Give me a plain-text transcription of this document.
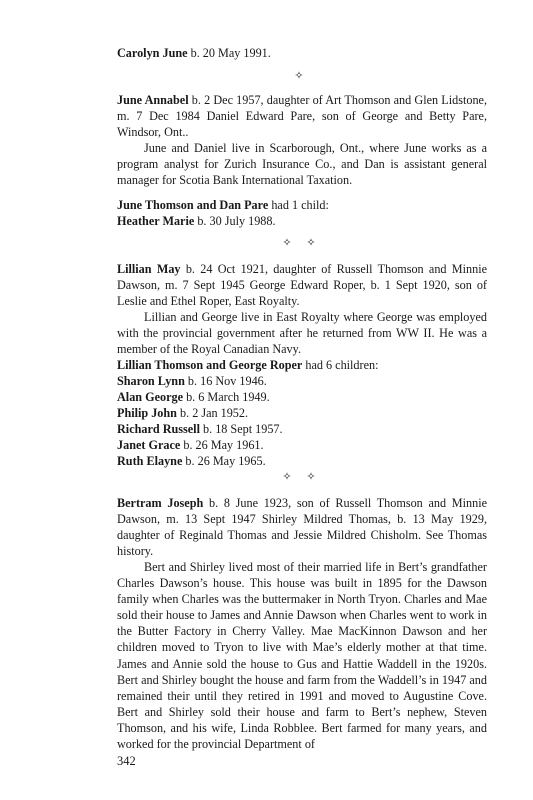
Carolyn June b. 20 May 1991.

✧

June Annabel b. 2 Dec 1957, daughter of Art Thomson and Glen Lidstone, m. 7 Dec 1984 Daniel Edward Pare, son of George and Betty Pare, Windsor, Ont..

June and Daniel live in Scarborough, Ont., where June works as a program analyst for Zurich Insurance Co., and Dan is assistant general manager for Scotia Bank International Taxation.

June Thomson and Dan Pare had 1 child:

Heather Marie b. 30 July 1988.

✧ ✧

Lillian May b. 24 Oct 1921, daughter of Russell Thomson and Minnie Dawson, m. 7 Sept 1945 George Edward Roper, b. 1 Sept 1920, son of Leslie and Ethel Roper, East Royalty.

Lillian and George live in East Royalty where George was employed with the provincial government after he returned from WW II. He was a member of the Royal Canadian Navy.

Lillian Thomson and George Roper had 6 children:

Sharon Lynn b. 16 Nov 1946.

Alan George b. 6 March 1949.

Philip John b. 2 Jan 1952.

Richard Russell b. 18 Sept 1957.

Janet Grace b. 26 May 1961.

Ruth Elayne b. 26 May 1965.

✧ ✧

Bertram Joseph b. 8 June 1923, son of Russell Thomson and Minnie Dawson, m. 13 Sept 1947 Shirley Mildred Thomas, b. 13 May 1929, daughter of Reginald Thomas and Jessie Mildred Chisholm. See Thomas history.

Bert and Shirley lived most of their married life in Bert’s grandfather Charles Dawson’s house. This house was built in 1895 for the Dawson family when Charles was the buttermaker in North Tryon. Charles and Mae sold their house to James and Annie Dawson when Charles went to work in the Butter Factory in Cherry Valley. Mae MacKinnon Dawson and her children moved to Tryon to live with Mae’s elderly mother at that time. James and Annie sold the house to Gus and Hattie Waddell in the 1920s. Bert and Shirley bought the house and farm from the Waddell’s in 1947 and remained their until they retired in 1991 and moved to Augustine Cove. Bert and Shirley sold their house and farm to Bert’s nephew, Steven Thomson, and his wife, Linda Robblee. Bert farmed for many years, and worked for the provincial Department of

342
